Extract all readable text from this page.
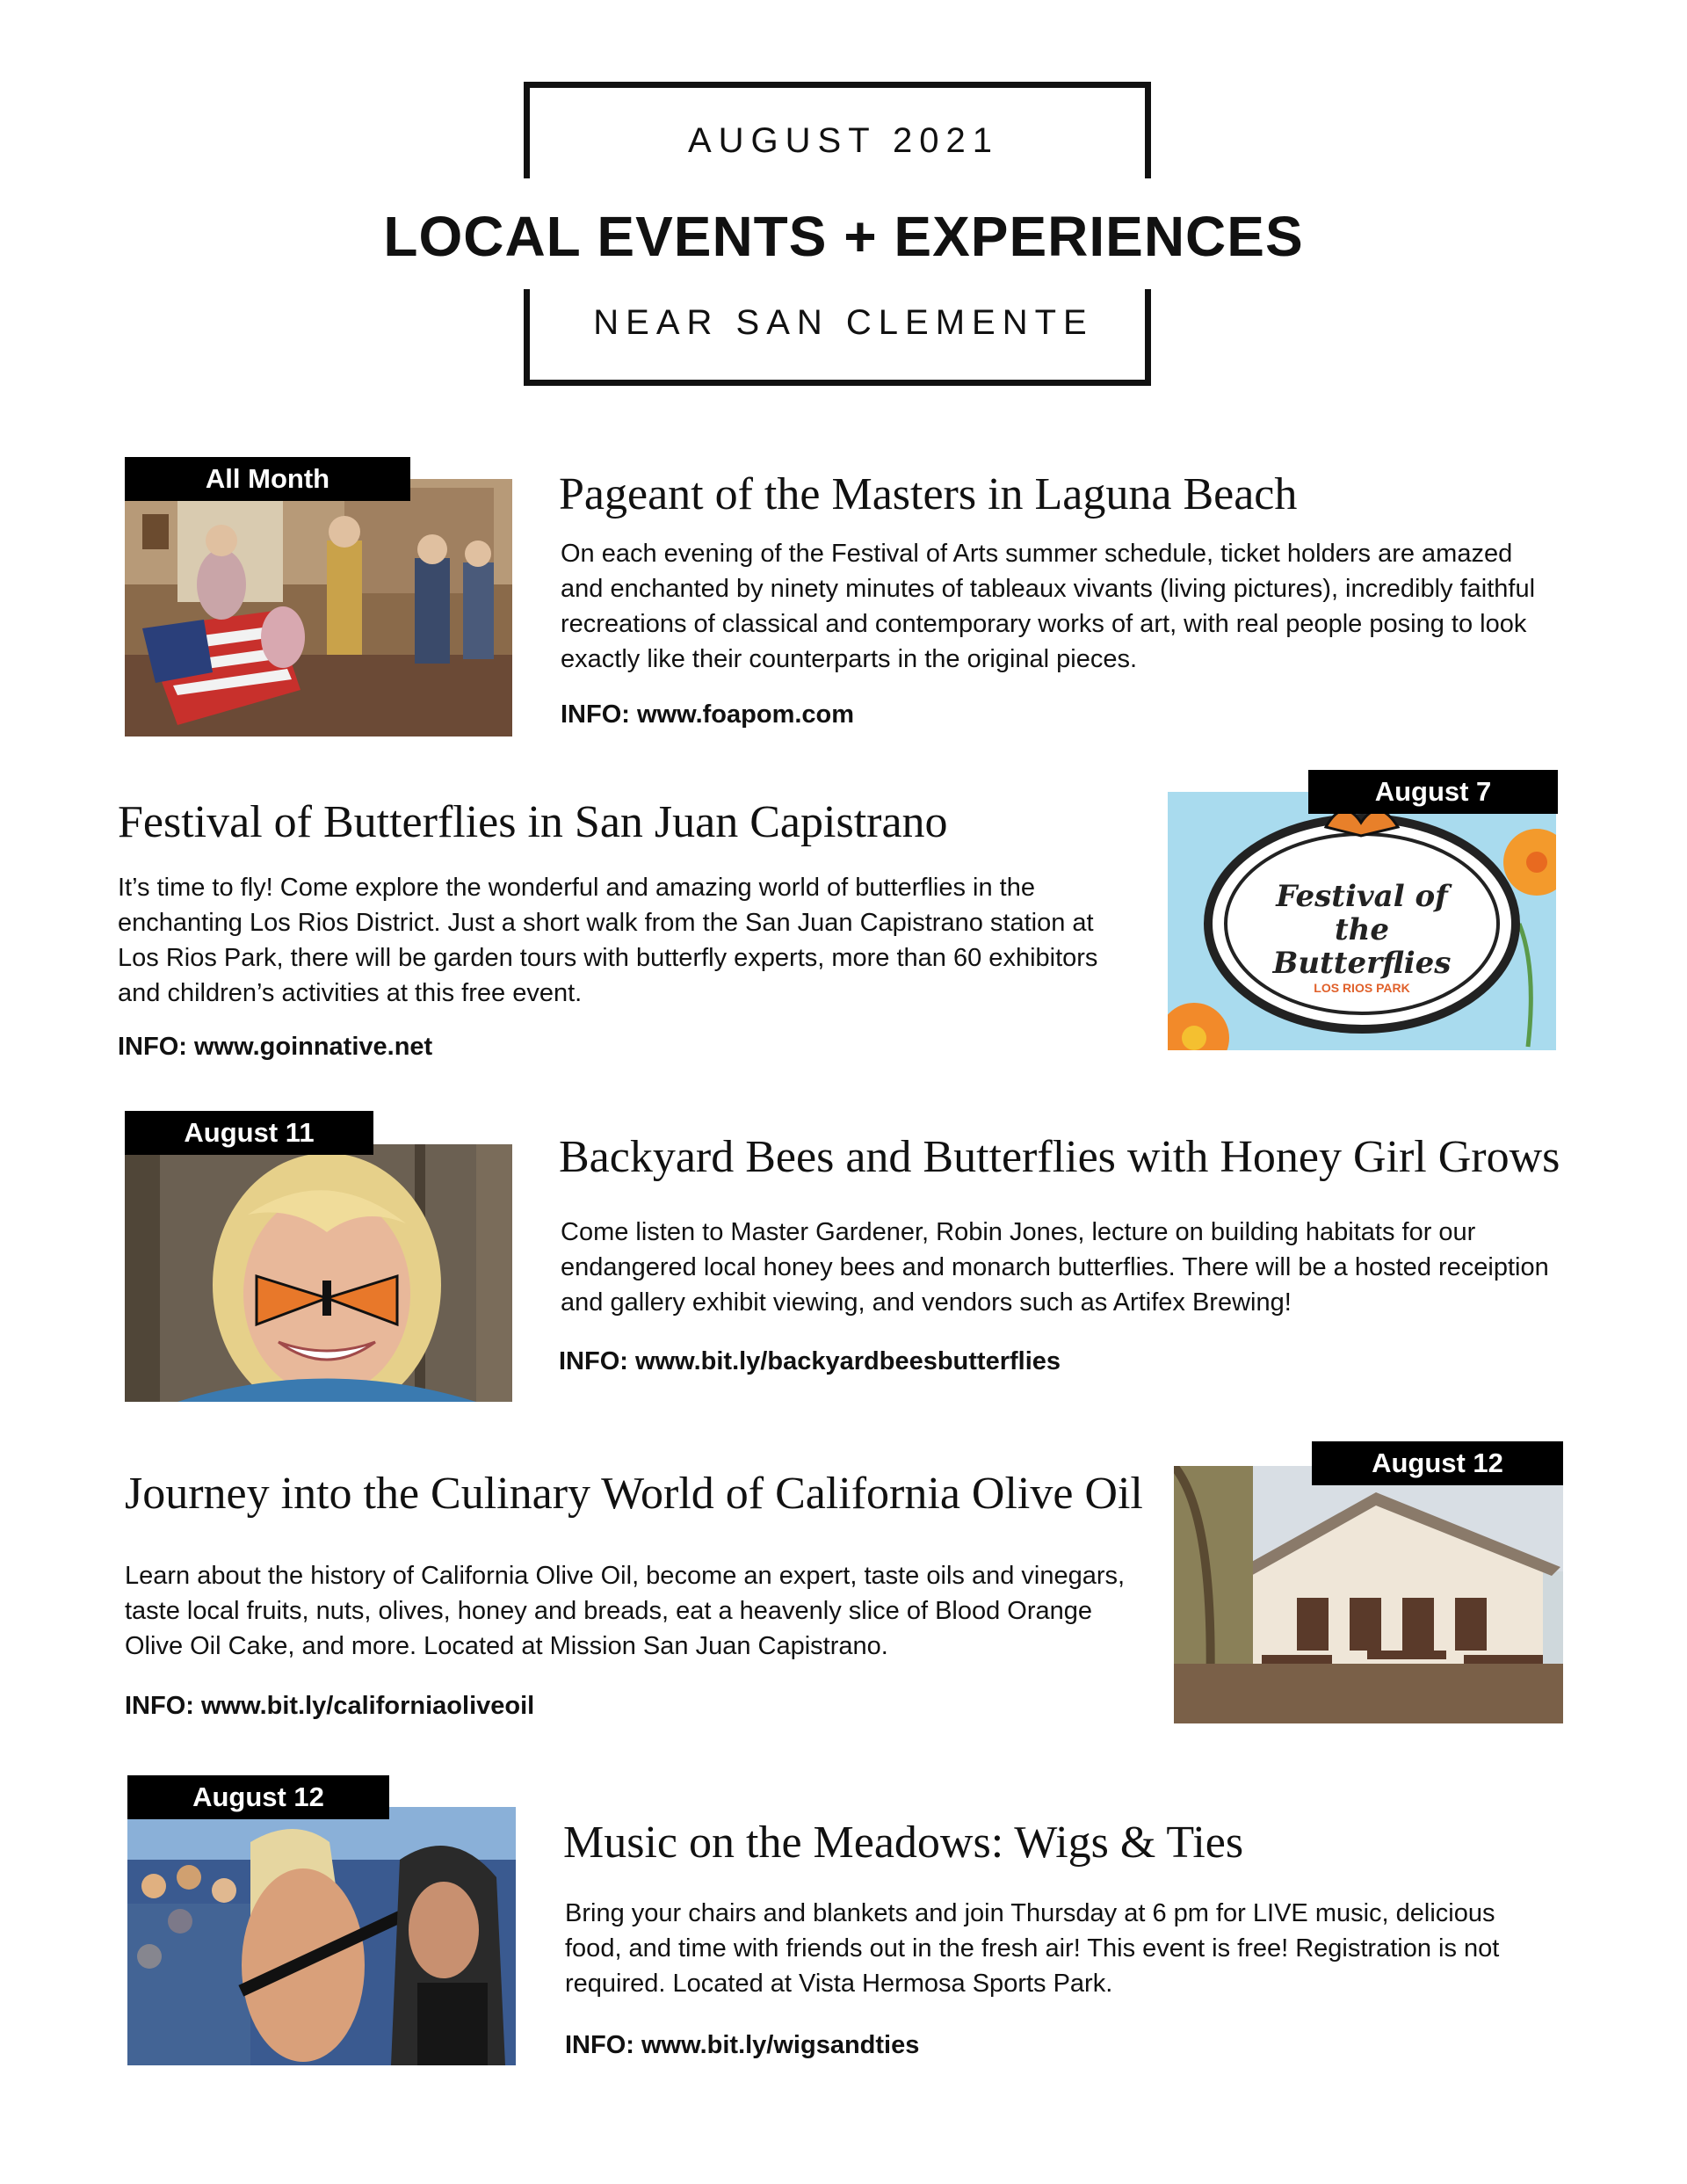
AUGUST 2021
LOCAL EVENTS + EXPERIENCES
NEAR SAN CLEMENTE
All Month	Pageant of the Masters in Laguna Beach
On each evening of the Festival of Arts summer schedule, ticket holders are amazed and enchanted by ninety minutes of tableaux vivants (living pictures), incredibly faithful recreations of classical and contemporary works of art, with real people posing to look exactly like their counterparts in the original pieces.
INFO: www.foapom.com
Festival of Butterflies in San Juan Capistrano
It’s time to fly! Come explore the wonderful and amazing world of butterflies in the enchanting Los Rios District. Just a short walk from the San Juan Capistrano station at Los Rios Park, there will be garden tours with butterfly experts, more than 60 exhibitors and children’s activities at this free event.
INFO: www.goinnative.net
Festival of the Butterflies
LOS RIOS PARK
August 7
August 11	Backyard Bees and Butterflies with Honey Girl Grows
Come listen to Master Gardener, Robin Jones, lecture on building habitats for our endangered local honey bees and monarch butterflies. There will be a hosted receiption and gallery exhibit viewing, and vendors such as Artifex Brewing!
INFO: www.bit.ly/backyardbeesbutterflies
Journey into the Culinary World of California Olive Oil
Learn about the history of California Olive Oil, become an expert, taste oils and vinegars, taste local fruits, nuts, olives, honey and breads, eat a heavenly slice of Blood Orange Olive Oil Cake, and more. Located at Mission San Juan Capistrano.
INFO: www.bit.ly/californiaoliveoil
August 12
August 12
Music on the Meadows: Wigs & Ties
Bring your chairs and blankets and join Thursday at 6 pm for LIVE music, delicious food, and time with friends out in the fresh air! This event is free! Registration is not required. Located at Vista Hermosa Sports Park.
INFO: www.bit.ly/wigsandties
